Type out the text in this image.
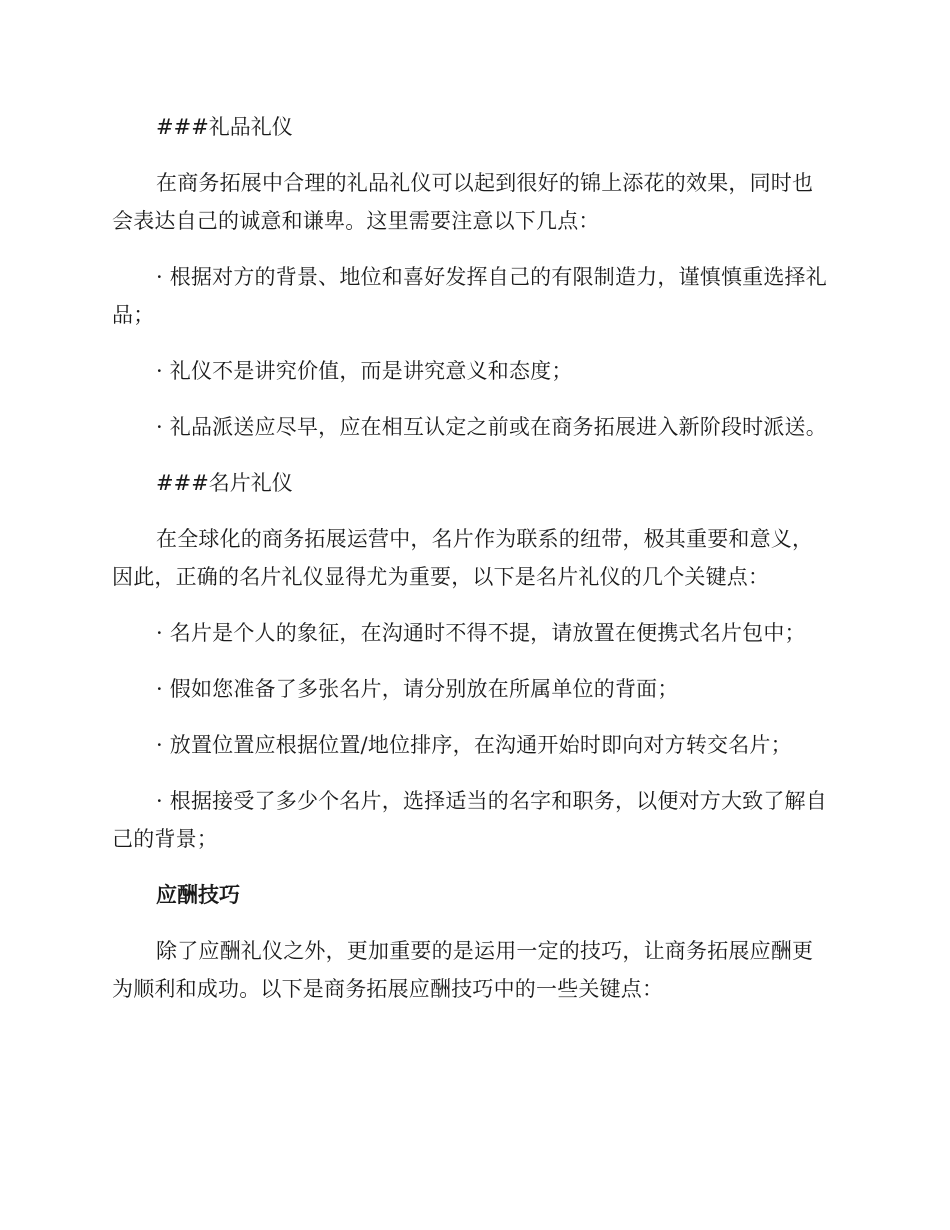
###礼品礼仪

在商务拓展中合理的礼品礼仪可以起到很好的锦上添花的效果，同时也会表达自己的诚意和谦卑。这里需要注意以下几点：

· 根据对方的背景、地位和喜好发挥自己的有限制造力，谨慎慎重选择礼品；

· 礼仪不是讲究价值，而是讲究意义和态度；

· 礼品派送应尽早，应在相互认定之前或在商务拓展进入新阶段时派送。

###名片礼仪

在全球化的商务拓展运营中，名片作为联系的纽带，极其重要和意义，因此，正确的名片礼仪显得尤为重要，以下是名片礼仪的几个关键点：

· 名片是个人的象征，在沟通时不得不提，请放置在便携式名片包中；

· 假如您准备了多张名片，请分别放在所属单位的背面；

· 放置位置应根据位置/地位排序，在沟通开始时即向对方转交名片；

· 根据接受了多少个名片，选择适当的名字和职务，以便对方大致了解自己的背景；

应酬技巧

除了应酬礼仪之外，更加重要的是运用一定的技巧，让商务拓展应酬更为顺利和成功。以下是商务拓展应酬技巧中的一些关键点：
